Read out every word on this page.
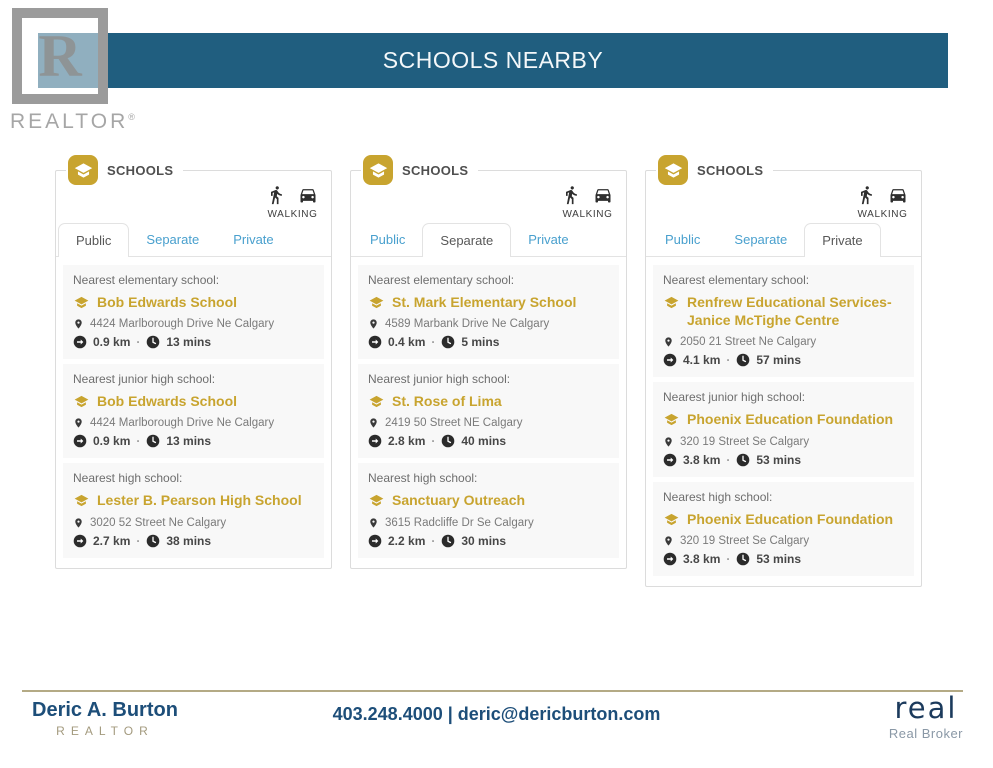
SCHOOLS NEARBY
R
REALTOR®
SCHOOLS
WALKING
Public	Separate	Private
Nearest elementary school:
Bob Edwards School
4424 Marlborough Drive Ne Calgary
0.9 km · 13 mins
Nearest junior high school:
Bob Edwards School
4424 Marlborough Drive Ne Calgary
0.9 km · 13 mins
Nearest high school:
Lester B. Pearson High School
3020 52 Street Ne Calgary
2.7 km · 38 mins
SCHOOLS
WALKING
Public	Separate	Private
Nearest elementary school:
St. Mark Elementary School
4589 Marbank Drive Ne Calgary
0.4 km · 5 mins
Nearest junior high school:
St. Rose of Lima
2419 50 Street NE Calgary
2.8 km · 40 mins
Nearest high school:
Sanctuary Outreach
3615 Radcliffe Dr Se Calgary
2.2 km · 30 mins
SCHOOLS
WALKING
Public	Separate	Private
Nearest elementary school:
Renfrew Educational Services-Janice McTighe Centre
2050 21 Street Ne Calgary
4.1 km · 57 mins
Nearest junior high school:
Phoenix Education Foundation
320 19 Street Se Calgary
3.8 km · 53 mins
Nearest high school:
Phoenix Education Foundation
320 19 Street Se Calgary
3.8 km · 53 mins
Deric A. Burton
REALTOR
403.248.4000 | deric@dericburton.com	real
Real Broker
